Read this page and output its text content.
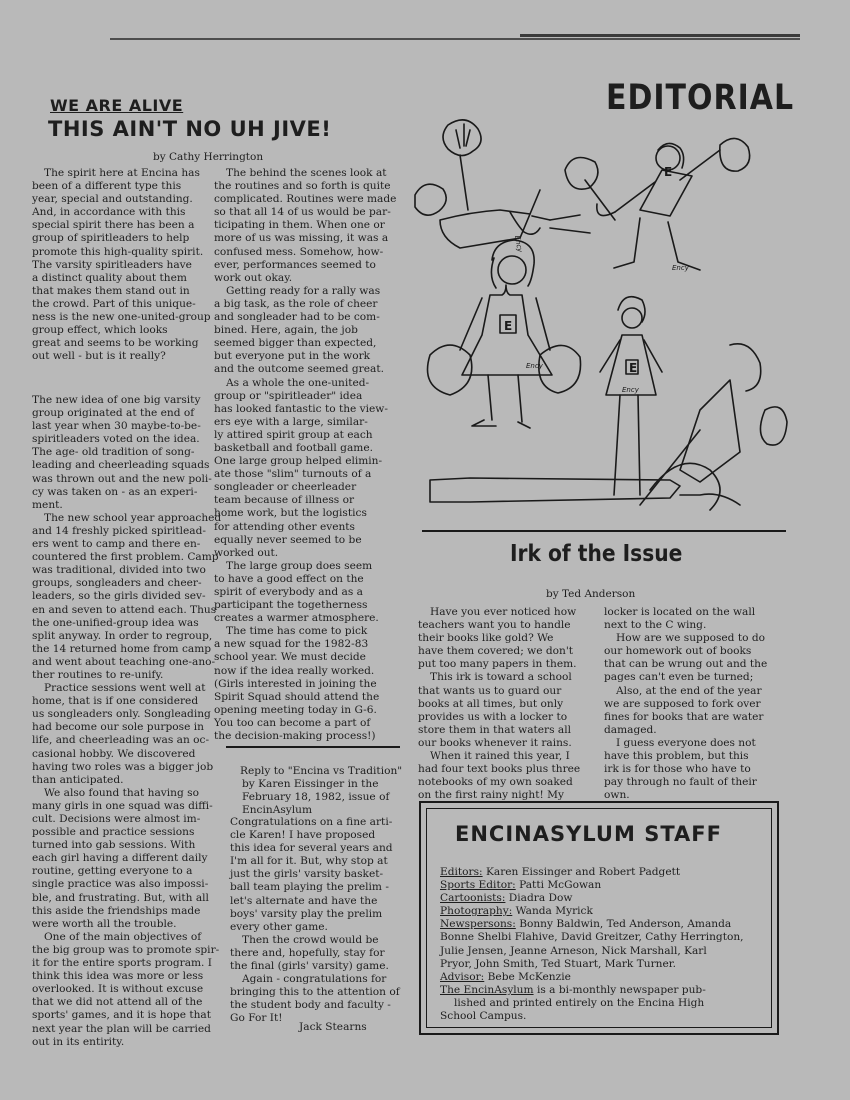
WE ARE ALIVE
THIS AIN'T NO UH JIVE!
by Cathy Herrington

The spirit here at Encina has

been of a different type this

year, special and outstanding.

And, in accordance with this

special spirit there has been a

group of spiritleaders to help

promote this high-quality spirit.

The varsity spiritleaders have

a distinct quality about them

that makes them stand out in

the crowd. Part of this unique-

ness is the new one-united-group

group effect, which looks

great and seems to be working

out well - but is it really?

The new idea of one big varsity

group originated at the end of

last year when 30 maybe-to-be-

spiritleaders voted on the idea.

The age- old tradition of song-

leading and cheerleading squads

was thrown out and the new poli-

cy was taken on - as an experi-

ment.

The new school year approached

and 14 freshly picked spiritlead-

ers went to camp and there en-

countered the first problem. Camp

was traditional, divided into two

groups, songleaders and cheer-

leaders, so the girls divided sev-

en and seven to attend each. Thus

the one-unified-group idea was

split anyway. In order to regroup,

the 14 returned home from camp

and went about teaching one-ano-

ther routines to re-unify.

Practice sessions went well at

home, that is if one considered

us songleaders only. Songleading

had become our sole purpose in

life, and cheerleading was an oc-

casional hobby. We discovered

having two roles was a bigger job

than anticipated.

We also found that having so

many girls in one squad was diffi-

cult. Decisions were almost im-

possible and practice sessions

turned into gab sessions. With

each girl having a different daily

routine, getting everyone to a

single practice was also impossi-

ble, and frustrating. But, with all

this aside the friendships made

were worth all the trouble.

One of the main objectives of

the big group was to promote spir-

it for the entire sports program. I

think this idea was more or less

overlooked. It is without excuse

that we did not attend all of the

sports' games, and it is hope that

next year the plan will be carried

out in its entirity.

The behind the scenes look at

the routines and so forth is quite

complicated. Routines were made

so that all 14 of us would be par-

ticipating in them. When one or

more of us was missing, it was a

confused mess. Somehow, how-

ever, performances seemed to

work out okay.

Getting ready for a rally was

a big task, as the role of cheer

and songleader had to be com-

bined. Here, again, the job

seemed bigger than expected,

but everyone put in the work

and the outcome seemed great.

As a whole the one-united-

group or "spiritleader" idea

has looked fantastic to the view-

ers eye with a large, similar-

ly attired spirit group at each

basketball and football game.

One large group helped elimin-

ate those "slim" turnouts of a

songleader or cheerleader

team because of illness or

home work, but the logistics

for attending other events

equally never seemed to be

worked out.

The large group does seem

to have a good effect on the

spirit of everybody and as a

participant the togetherness

creates a warmer atmosphere.

The time has come to pick

a new squad for the 1982-83

school year. We must decide

now if the idea really worked.

(Girls interested in joining the

Spirit Squad should attend the

opening meeting today in G-6.

You too can become a part of

the decision-making process!)

Reply to "Encina vs Tradition"

by Karen Eissinger in the

February 18, 1982, issue of

EncinAsylum

Congratulations on a fine arti-

cle Karen! I have proposed

this idea for several years and

I'm all for it. But, why stop at

just the girls' varsity basket-

ball team playing the prelim -

let's alternate and have the

boys' varsity play the prelim

every other game.

Then the crowd would be

there and, hopefully, stay for

the final (girls' varsity) game.

Again - congratulations for

bringing this to the attention of

the student body and faculty -

Go For It!

Jack Stearns
EDITORIAL
E
E
E
Ency
Ency
Ency
Ency
Irk of the Issue
by Ted Anderson

Have you ever noticed how

teachers want you to handle

their books like gold? We

have them covered; we don't

put too many papers in them.

This irk is toward a school

that wants us to guard our

books at all times, but only

provides us with a locker to

store them in that waters all

our books whenever it rains.

When it rained this year, I

had four text books plus three

notebooks of my own soaked

on the first rainy night! My

locker is located on the wall

next to the C wing.

How are we supposed to do

our homework out of books

that can be wrung out and the

pages can't even be turned;

Also, at the end of the year

we are supposed to fork over

fines for books that are water

damaged.

I guess everyone does not

have this problem, but this

irk is for those who have to

pay through no fault of their

own.

ENCINASYLUM STAFF

Editors: Karen Eissinger and Robert Padgett

Sports Editor: Patti McGowan

Cartoonists: Diadra Dow

Photography: Wanda Myrick

Newspersons: Bonny Baldwin, Ted Anderson, Amanda

Bonne Shelbi Flahive, David Greitzer, Cathy Herrington,

Julie Jensen, Jeanne Arneson, Nick Marshall, Karl

Pryor, John Smith, Ted Stuart, Mark Turner.

Advisor: Bebe McKenzie

The EncinAsylum is a bi-monthly newspaper pub-

lished and printed entirely on the Encina High

School Campus.
